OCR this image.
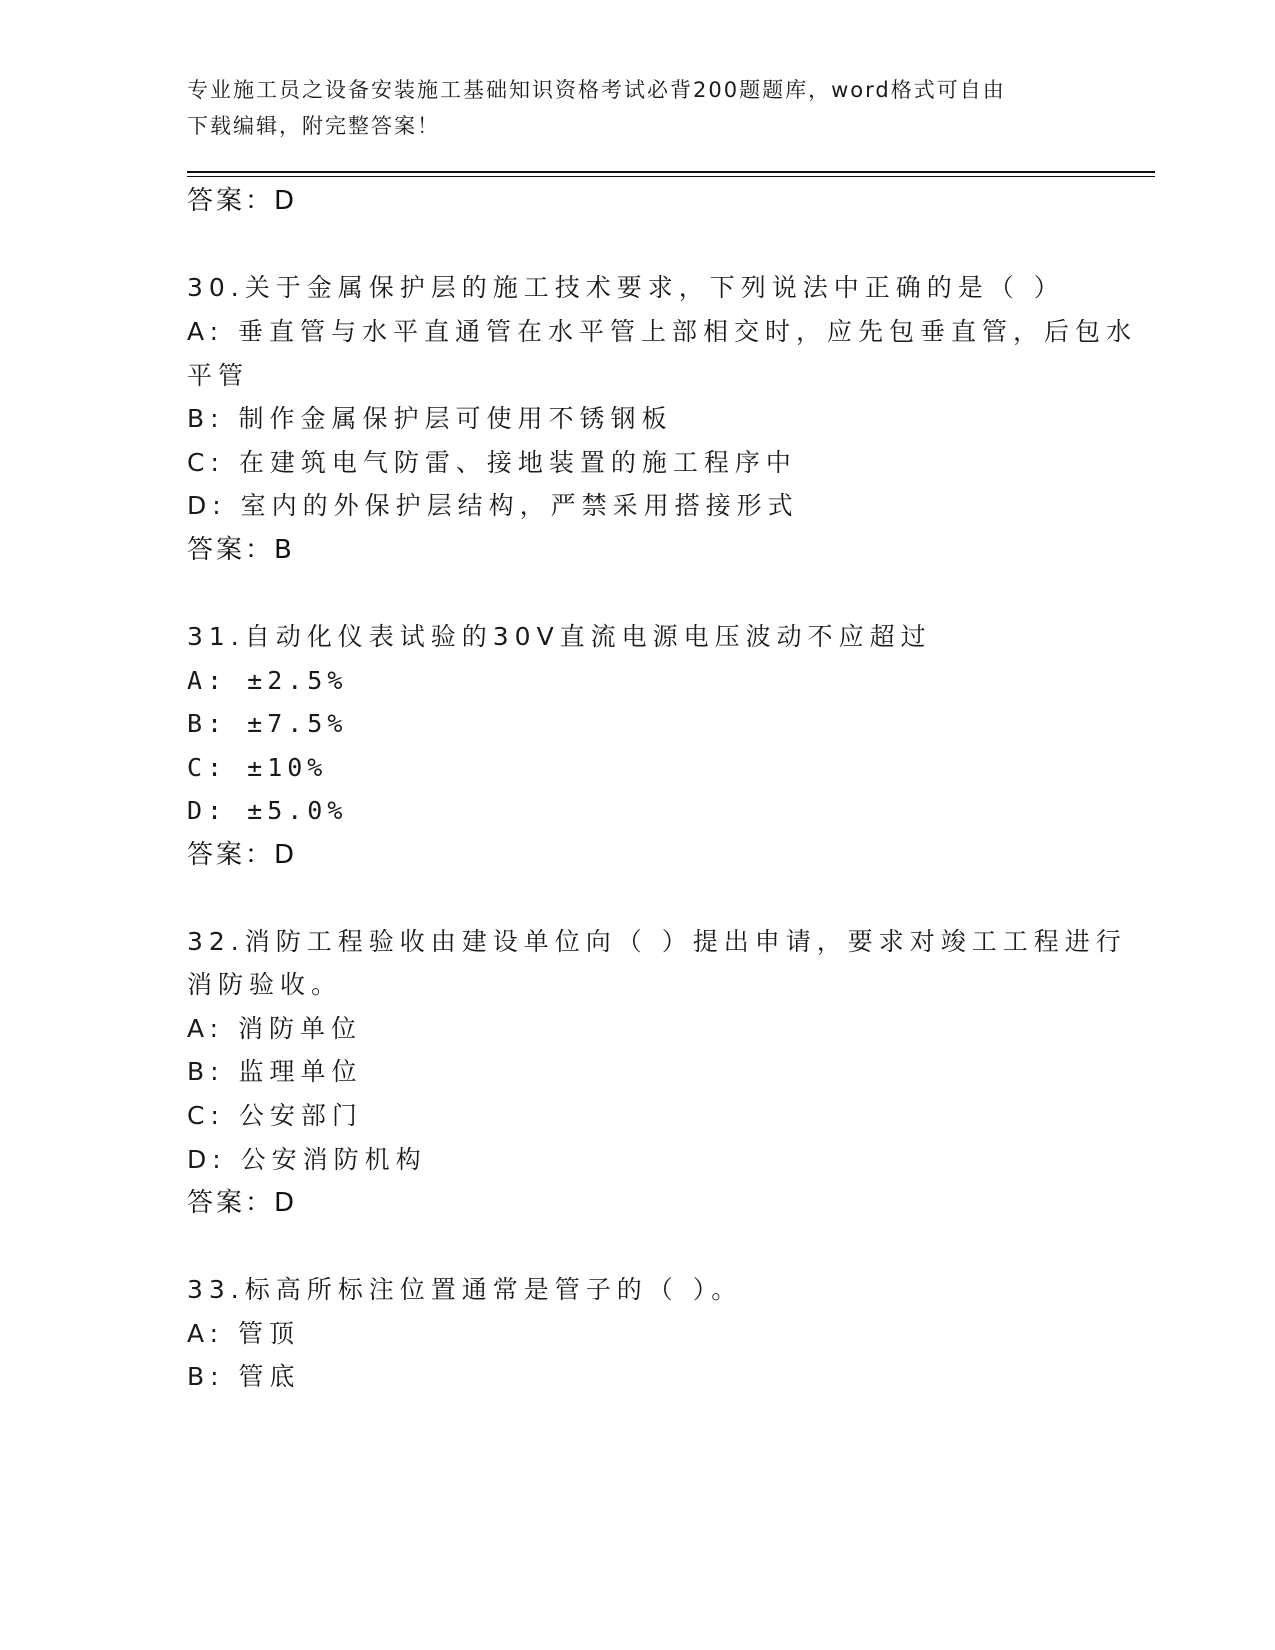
专业施工员之设备安装施工基础知识资格考试必背200题题库，word格式可自由
下载编辑，附完整答案！
答案：D
30.关于金属保护层的施工技术要求，下列说法中正确的是（ ）
A: 垂直管与水平直通管在水平管上部相交时，应先包垂直管，后包水
平管
B: 制作金属保护层可使用不锈钢板
C: 在建筑电气防雷、接地装置的施工程序中
D: 室内的外保护层结构，严禁采用搭接形式
答案：B
31.自动化仪表试验的30V直流电源电压波动不应超过
A: ±2.5%
B: ±7.5%
C: ±10%
D: ±5.0%
答案：D
32.消防工程验收由建设单位向（ ）提出申请，要求对竣工工程进行
消防验收。
A: 消防单位
B: 监理单位
C: 公安部门
D: 公安消防机构
答案：D
33.标高所标注位置通常是管子的（ ）。
A: 管顶
B: 管底
